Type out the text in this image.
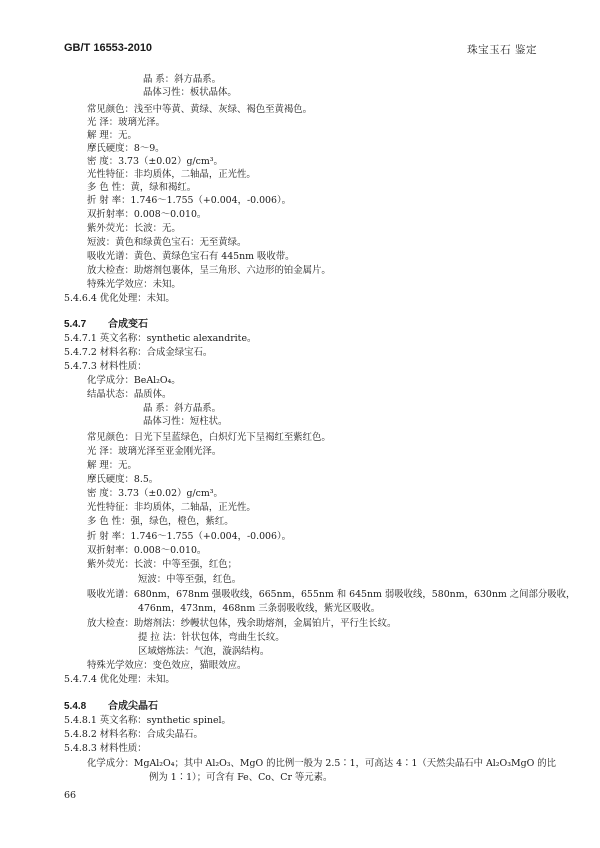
GB/T 16553-2010	珠宝玉石 鉴定
晶 系：斜方晶系。
晶体习性：板状晶体。
常见颜色：浅至中等黄、黄绿、灰绿、褐色至黄褐色。
光 泽：玻璃光泽。
解 理：无。
摩氏硬度：8～9。
密 度：3.73（±0.02）g/cm³。
光性特征：非均质体，二轴晶，正光性。
多 色 性：黄，绿和褐红。
折 射 率：1.746～1.755（+0.004，-0.006）。
双折射率：0.008～0.010。
紫外荧光：长波：无。
短波：黄色和绿黄色宝石：无至黄绿。
吸收光谱：黄色、黄绿色宝石有 445nm 吸收带。
放大检查：助熔剂包裹体，呈三角形、六边形的铂金属片。
特殊光学效应：未知。
5.4.6.4 优化处理：未知。
5.4.7 合成变石
5.4.7.1 英文名称：synthetic alexandrite。
5.4.7.2 材料名称：合成金绿宝石。
5.4.7.3 材料性质：
化学成分：BeAl₂O₄。
结晶状态：晶质体。
晶 系：斜方晶系。
晶体习性：短柱状。
常见颜色：日光下呈蓝绿色，白炽灯光下呈褐红至紫红色。
光 泽：玻璃光泽至亚金刚光泽。
解 理：无。
摩氏硬度：8.5。
密 度：3.73（±0.02）g/cm³。
光性特征：非均质体，二轴晶，正光性。
多 色 性：强，绿色，橙色，紫红。
折 射 率：1.746～1.755（+0.004，-0.006）。
双折射率：0.008～0.010。
紫外荧光：长波：中等至强，红色；
短波：中等至强，红色。
吸收光谱：680nm，678nm 强吸收线，665nm，655nm 和 645nm 弱吸收线，580nm，630nm 之间部分吸收，
476nm，473nm，468nm 三条弱吸收线，紫光区吸收。
放大检查：助熔剂法：纱幔状包体，残余助熔剂，金属铂片，平行生长纹。
提 拉 法：针状包体，弯曲生长纹。
区域熔炼法：气泡，漩涡结构。
特殊光学效应：变色效应，猫眼效应。
5.4.7.4 优化处理：未知。
5.4.8 合成尖晶石
5.4.8.1 英文名称：synthetic spinel。
5.4.8.2 材料名称：合成尖晶石。
5.4.8.3 材料性质：
化学成分：MgAl₂O₄；其中 Al₂O₃、MgO 的比例一般为 2.5∶1，可高达 4∶1（天然尖晶石中 Al₂O₃MgO 的比
例为 1∶1）；可含有 Fe、Co、Cr 等元素。
66
